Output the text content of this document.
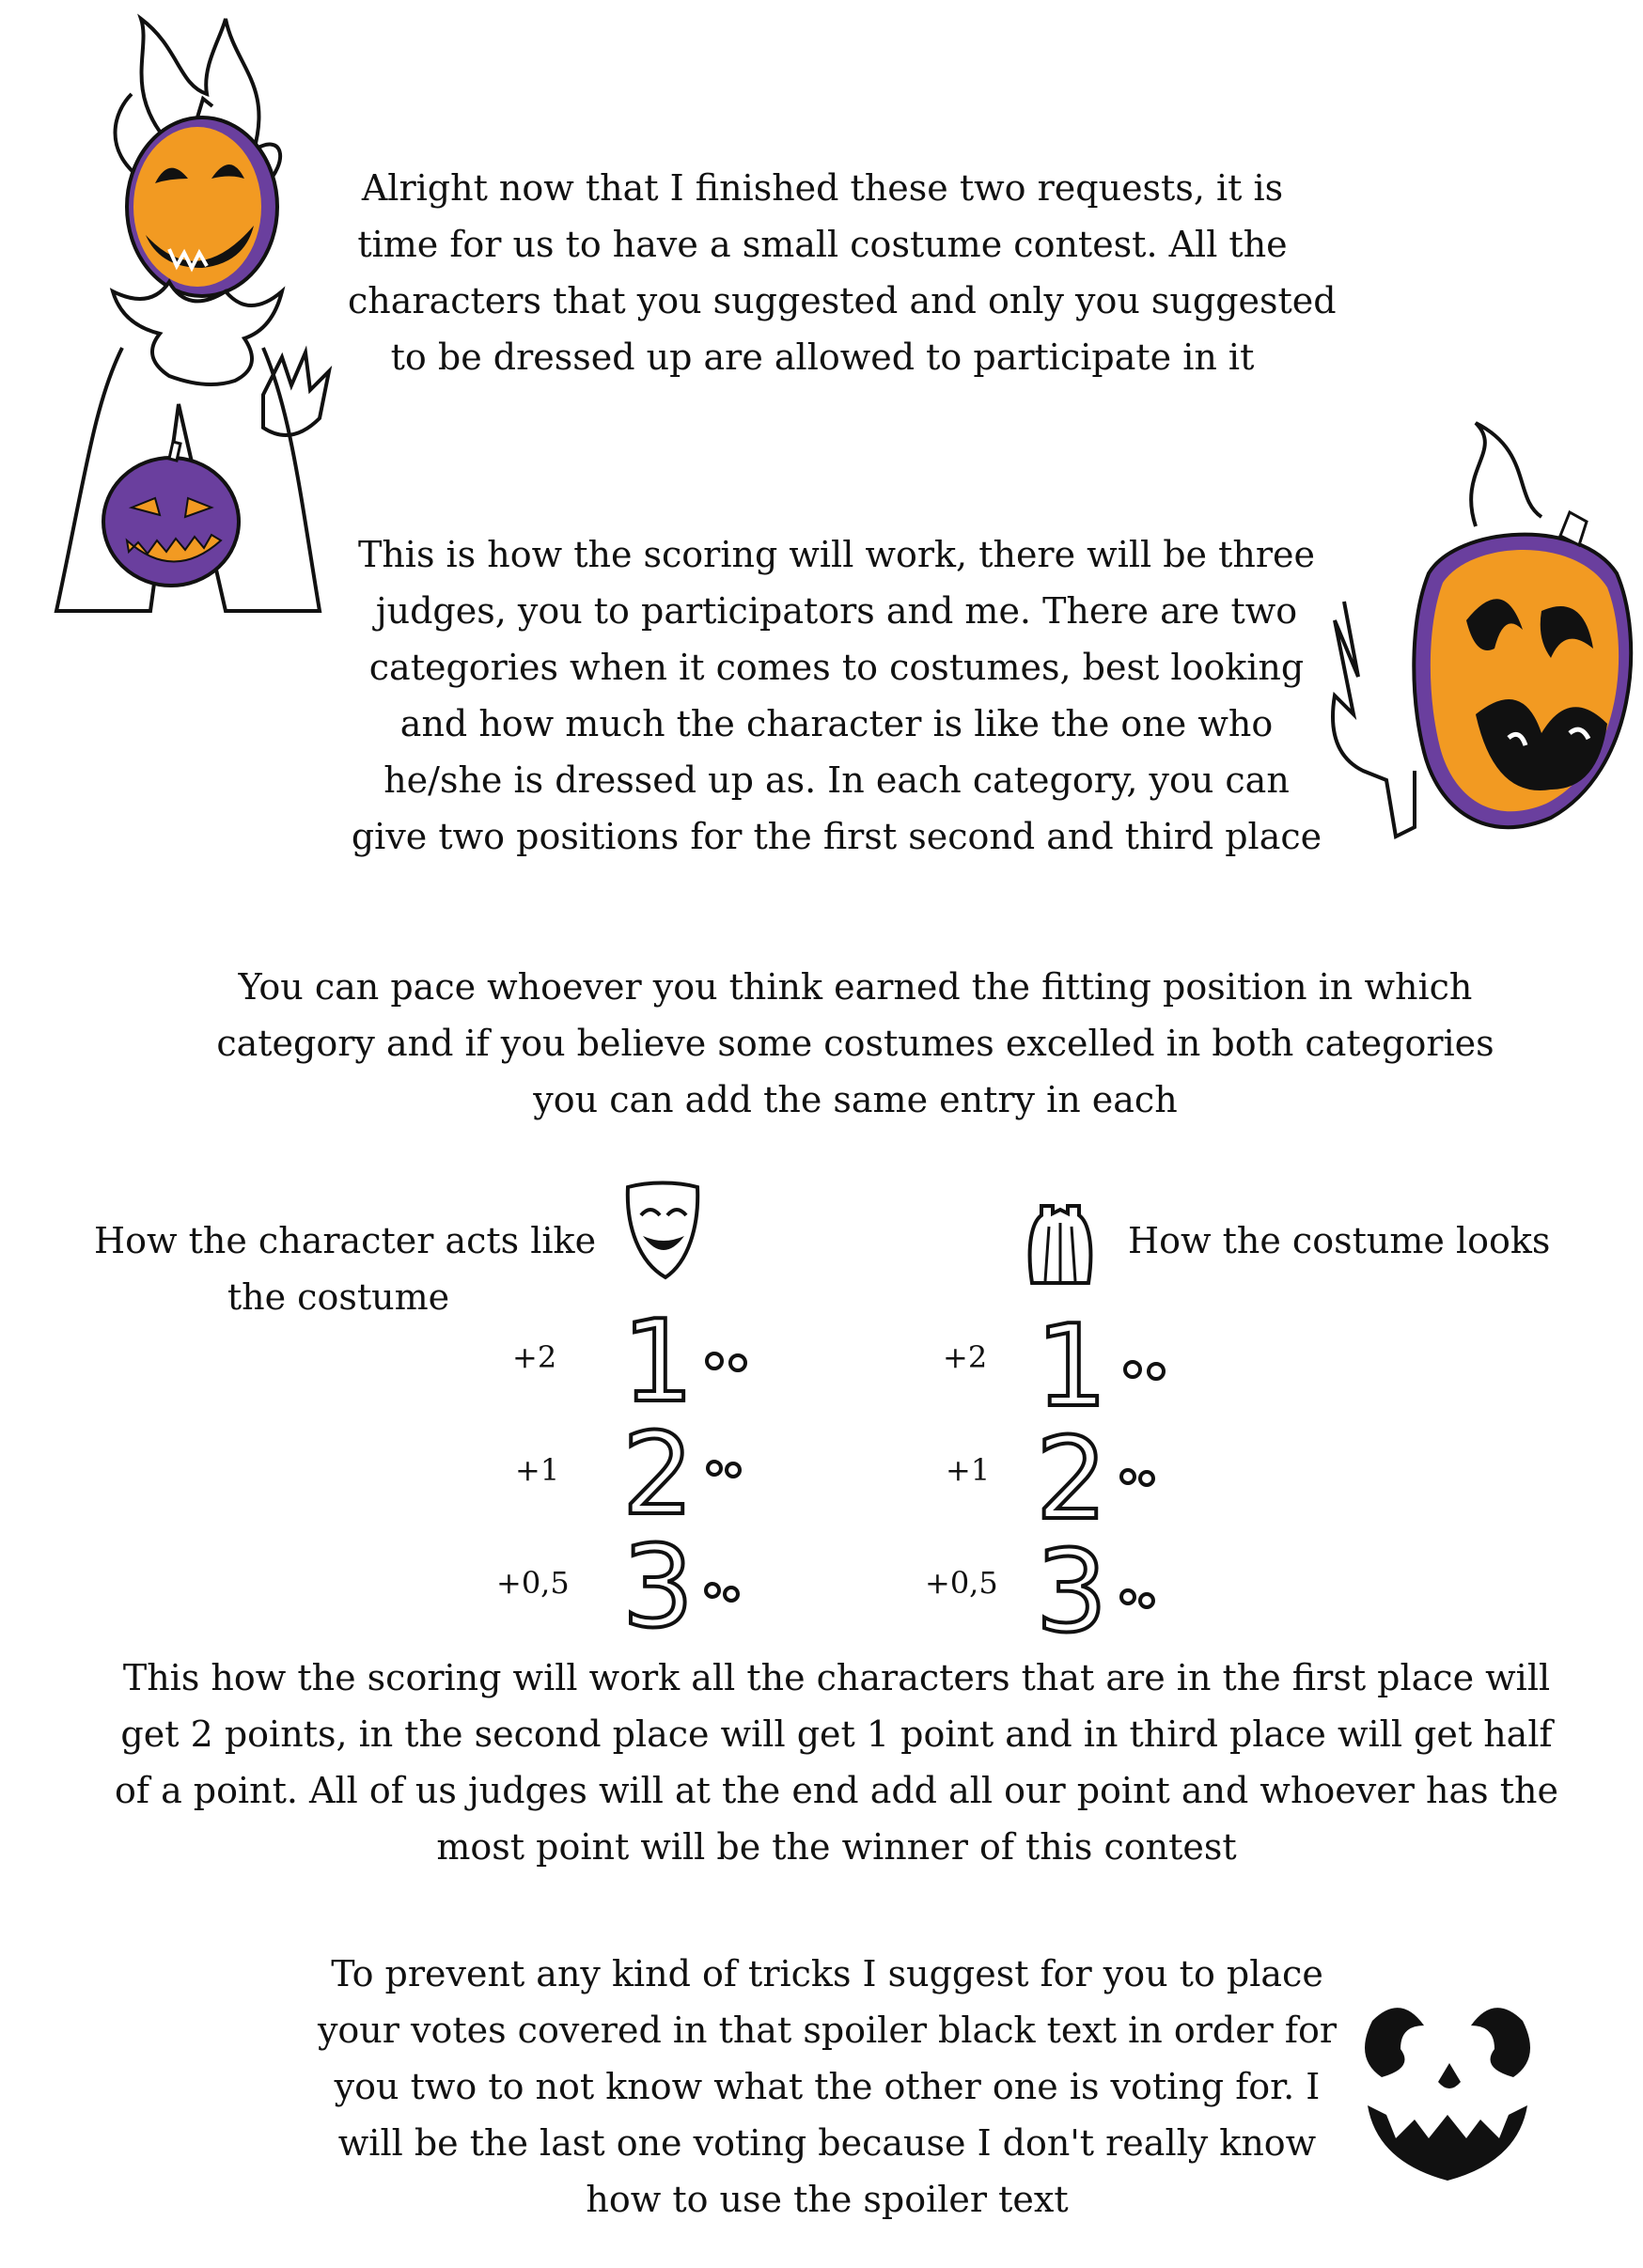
Alright now that I finished these two requests, it is
time for us to have a small costume contest. All the
characters that you suggested and only you suggested
to be dressed up are allowed to participate in it
This is how the scoring will work, there will be three
judges, you to participators and me. There are two
categories when it comes to costumes, best looking
and how much the character is like the one who
he/she is dressed up as. In each category, you can
give two positions for the first second and third place
You can pace whoever you think earned the fitting position in which
category and if you believe some costumes excelled in both categories
you can add the same entry in each
How the character acts like
the costume
+2
+1
+0,5
1
2
3
How the costume looks
+2
+1
+0,5
1
2
3
This how the scoring will work all the characters that are in the first place will
get 2 points, in the second place will get 1 point and in third place will get half
of a point. All of us judges will at the end add all our point and whoever has the
most point will be the winner of this contest
To prevent any kind of tricks I suggest for you to place
your votes covered in that spoiler black text in order for
you two to not know what the other one is voting for. I
will be the last one voting because I don't really know
how to use the spoiler text
